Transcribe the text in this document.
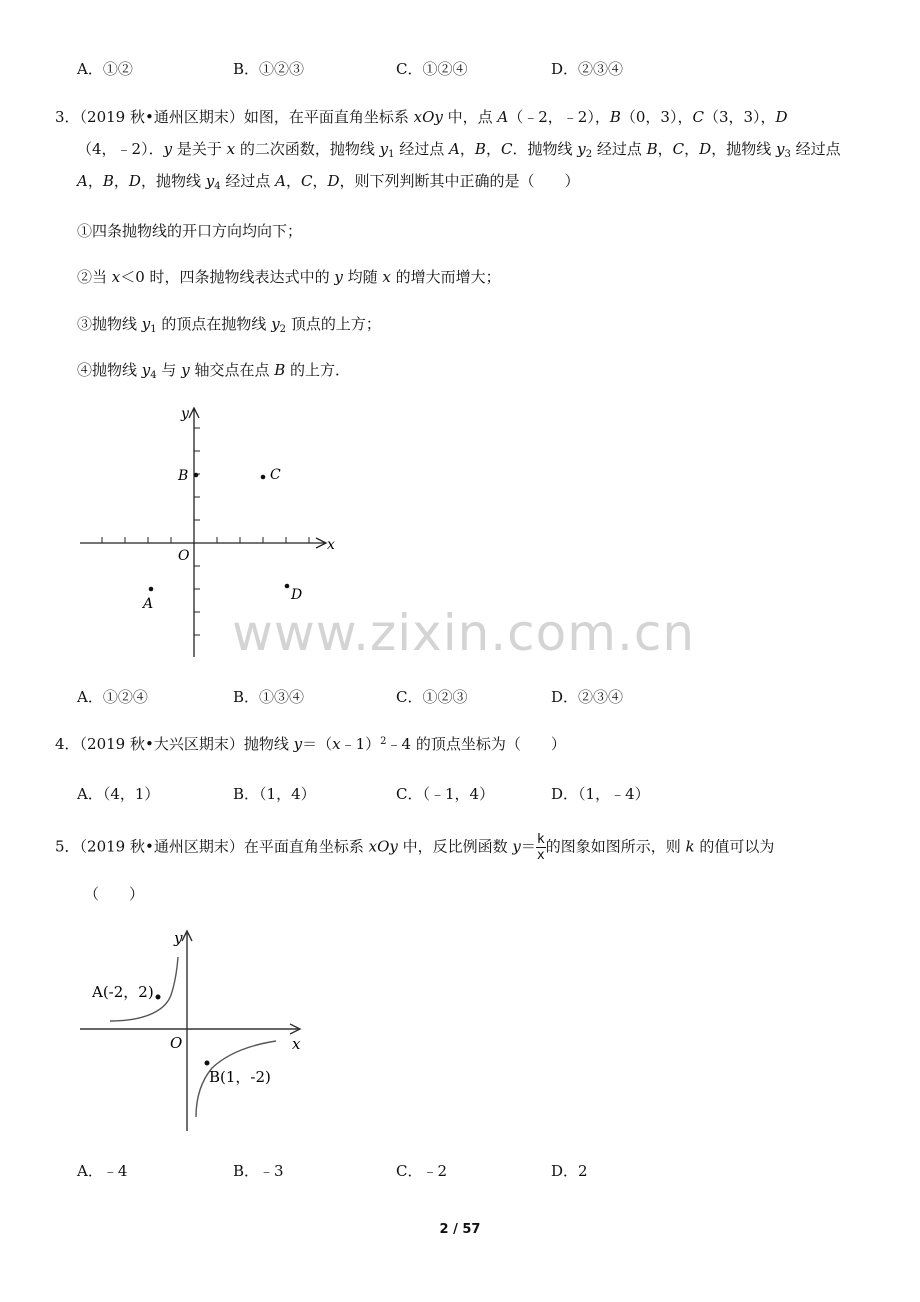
A．①②	B．①②③	C．①②④	D．②③④
3．（2019 秋•通州区期末）如图，在平面直角坐标系 xOy 中，点 A（﹣2，﹣2），B（0，3），C（3，3），D
（4，﹣2）．y 是关于 x 的二次函数，抛物线 $y_1$ 经过点 A，B，C．抛物线 $y_2$ 经过点 B，C，D，抛物线 $y_3$ 经过点
A，B，D，抛物线 $y_4$ 经过点 A，C，D，则下列判断其中正确的是（　　）
①四条抛物线的开口方向均向下；
②当 x＜0 时，四条抛物线表达式中的 y 均随 x 的增大而增大；
③抛物线 $y_1$ 的顶点在抛物线 $y_2$ 顶点的上方；
④抛物线 $y_4$ 与 y 轴交点在点 B 的上方．
y
x
O
A
B	C
D
www.zixin.com.cn
A．①②④	B．①③④	C．①②③	D．②③④
4．（2019 秋•大兴区期末）抛物线 y＝（x﹣1）$^2$﹣4 的顶点坐标为（　　）
A．（4，1）	B．（1，4）	C．（﹣1，4）	D．（1，﹣4）
5．（2019 秋•通州区期末）在平面直角坐标系 xOy 中，反比例函数 $y= \frac{k}{x}$ 的图象如图所示，则 k 的值可以为
（　　）
y
x
O
A(-2，2)
B(1，-2)
A．﹣4	B．﹣3	C．﹣2	D．2
2 / 57
